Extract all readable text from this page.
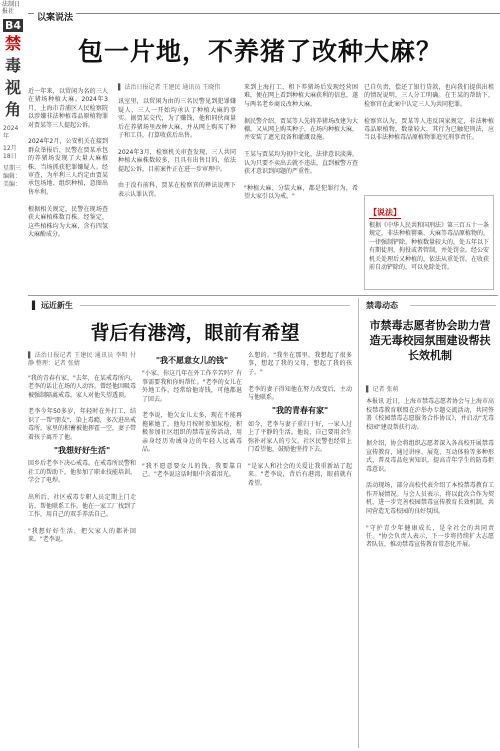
法制日报社
B4
禁
毒
视
角
2024年
12月18日
星期三
编辑：
美编：
以案说法
包一片地，不养猪了改种大麻？
近一年来，以贸闲为名的三人在猪场种植大麻。2024年3月，上海市青浦区人民检察院以涉嫌非法种植毒品原植物罪对贾某等三人提起公诉。

2024年2月，公安机关在接到群众举报后，民警在贾某承包的养猪场发现了大量大麻植株，当场抓获犯罪嫌疑人。经审查，为牟利三人约定由贾某承包场地、组织种植，意图出售牟利。

根据相关规定，民警在现场查获大麻植株数百株。经鉴定，这些植株均为大麻，含有四氢大麻酚成分。
▌ 法治日报记者 王建民 通讯员 王晓伟
讯室里，以贸闲为由的三名民警见到犯罪嫌疑人，三人一开始均承认了种植大麻的事实。据贾某交代，为了赚钱，他和同伙商量后在养猪场里改种大麻，并从网上购买了种子和工具，打算收获后出售。

2024年3月，检察机关审查发现，三人共同种植大麻株数较多，且具有出售目的，依法提起公诉，目前案件正在进一步审理中。

由于没有前科，贾某在检察官的释法说理下表示认罪认罚。
来到上海打工，租下养猪场后发现经营困难，便在网上看到种植大麻获利的信息，遂与两名老乡商议改种大麻。

据民警介绍，贾某等人先将养猪场改建为大棚，又从网上购买种子，在场内种植大麻，并安装了遮光设备和灌溉设施。

王某与贾某均为初中文化，法律意识淡薄，认为只要不卖出去就不违法，直到被警方查获才意识到问题的严重性。

"种植大麻、分装大麻，都是犯罪行为，希望大家引以为戒。"
已自负责，偿还了银行贷款，也向我们提供出租的情况说明，三人分工明确。在王某的帮助下，检察官在此案中认定三人为共同犯罪。

检察官认为，贾某等人违反国家规定，非法种植毒品原植物，数量较大，其行为已触犯刑法，应当以非法种植毒品原植物罪追究刑事责任。
【说法】
根据《中华人民共和国刑法》第三百五十一条规定，非法种植罂粟、大麻等毒品原植物的，一律强制铲除。种植数量较大的，处五年以下有期徒刑、拘役或者管制，并处罚金。经公安机关处理后又种植的，依法从重处罚。在收获前自动铲除的，可以免除处罚。
▌ 远近新生
背后有港湾，眼前有希望
▌ 法治日报记者 王建民 通讯员 李明 付静 整理：记者 张婧
"我的青春有家。"去年，在某戒毒所内，老李的话让在场的人动容。曾经他因吸毒被强制隔离戒毒，家人对他失望透顶。

老李今年50多岁，年轻时在外打工，结识了一帮"朋友"，染上毒瘾，多次进出戒毒所。家里的积蓄被他挥霍一空，妻子带着孩子离开了他。
"我想好好生活"
回乡后老李下决心戒毒。在戒毒所民警和社工的帮助下，他参加了职业技能培训，学会了电焊。

出所后，社区戒毒专职人员定期上门走访，帮他联系工作，他在一家工厂找到了工作，用自己的双手养活自己。

"我想好好生活，把欠家人的都补回来。"老李说。
"我不愿意女儿的钱"
"小家，你这几年在外工作辛苦吗？有事需要我和你妈帮忙。"老李的女儿在外地工作，经常给他寄钱，可他都退了回去。

老李说，他欠女儿太多，现在不能再拖累她了。他每月按时参加尿检，积极参加社区组织的禁毒宣传活动，用亲身经历劝诫身边的年轻人远离毒品。

"我不愿意要女儿的钱，我要靠自己。"老李说这话时眼中含着泪光。
么想的。"我坐在那里，我想起了很多事，想起了我的父母，想起了我的孩子。"

老李的妻子得知他在努力改变后，主动与他联系。
"我的青春有家"
如今，老李与妻子重归于好，一家人过上了平静的生活。他说，自己要用余生弥补对家人的亏欠。社区民警也经常上门看望他，鼓励他坚持下去。

"是家人和社会的关爱让我重新站了起来。"老李说，背后有港湾，眼前就有希望。
禁毒动态
市禁毒志愿者协会助力营造无毒校园氛围建设帮扶长效机制
▌ 记者 张萌
本报讯 近日，上海市禁毒志愿者协会与上海市高校禁毒教育联盟在沪举办专题交流活动，共同签署《校园禁毒志愿服务合作协议》，并启动"无毒校园"建设帮扶行动。

据介绍，协会将组织志愿者深入各高校开展禁毒宣传教育，通过讲座、展览、互动体验等多种形式，普及毒品危害知识，提高青年学生的防毒拒毒意识。

活动现场，部分高校代表介绍了本校禁毒教育工作开展情况。与会人员表示，将以此次合作为契机，进一步完善校园禁毒宣传教育长效机制，共同营造无毒校园的良好氛围。

"守护青少年健康成长，是全社会的共同责任。"协会负责人表示，下一步将持续扩大志愿者队伍，推动禁毒宣传教育常态化开展。
